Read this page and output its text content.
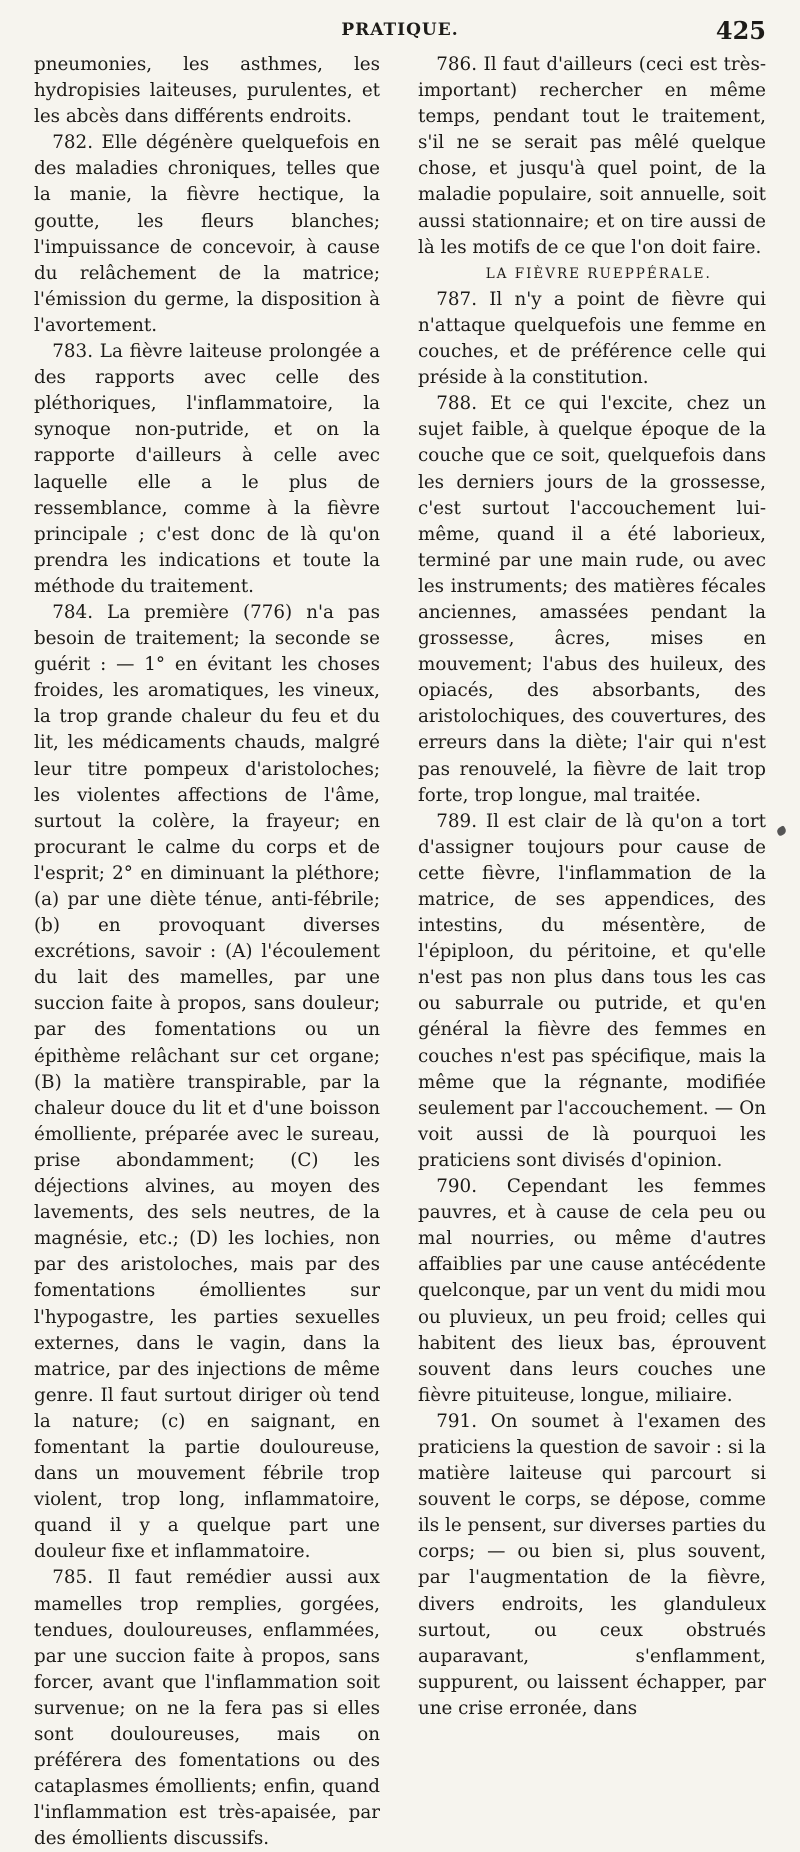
PRATIQUE.	425

pneumonies, les asthmes, les hydropisies laiteuses, purulentes, et les abcès dans différents endroits.

782. Elle dégénère quelquefois en des maladies chroniques, telles que la manie, la fièvre hectique, la goutte, les fleurs blanches; l'impuissance de concevoir, à cause du relâchement de la matrice; l'émission du germe, la disposition à l'avortement.

783. La fièvre laiteuse prolongée a des rapports avec celle des pléthoriques, l'inflammatoire, la synoque non-putride, et on la rapporte d'ailleurs à celle avec laquelle elle a le plus de ressemblance, comme à la fièvre principale ; c'est donc de là qu'on prendra les indications et toute la méthode du traitement.

784. La première (776) n'a pas besoin de traitement; la seconde se guérit : — 1° en évitant les choses froides, les aromatiques, les vineux, la trop grande chaleur du feu et du lit, les médicaments chauds, malgré leur titre pompeux d'aristoloches; les violentes affections de l'âme, surtout la colère, la frayeur; en procurant le calme du corps et de l'esprit; 2° en diminuant la pléthore; (a) par une diète ténue, anti-fébrile; (b) en provoquant diverses excrétions, savoir : (A) l'écoulement du lait des mamelles, par une succion faite à propos, sans douleur; par des fomentations ou un épithème relâchant sur cet organe; (B) la matière transpirable, par la chaleur douce du lit et d'une boisson émolliente, préparée avec le sureau, prise abondamment; (C) les déjections alvines, au moyen des lavements, des sels neutres, de la magnésie, etc.; (D) les lochies, non par des aristoloches, mais par des fomentations émollientes sur l'hypogastre, les parties sexuelles externes, dans le vagin, dans la matrice, par des injections de même genre. Il faut surtout diriger où tend la nature; (c) en saignant, en fomentant la partie douloureuse, dans un mouvement fébrile trop violent, trop long, inflammatoire, quand il y a quelque part une douleur fixe et inflammatoire.

785. Il faut remédier aussi aux mamelles trop remplies, gorgées, tendues, douloureuses, enflammées, par une succion faite à propos, sans forcer, avant que l'inflammation soit survenue; on ne la fera pas si elles sont douloureuses, mais on préférera des fomentations ou des cataplasmes émollients; enfin, quand l'inflammation est très-apaisée, par des émollients discussifs.

786. Il faut d'ailleurs (ceci est très-important) rechercher en même temps, pendant tout le traitement, s'il ne se serait pas mêlé quelque chose, et jusqu'à quel point, de la maladie populaire, soit annuelle, soit aussi stationnaire; et on tire aussi de là les motifs de ce que l'on doit faire.

LA FIÈVRE RUEPPÉRALE.

787. Il n'y a point de fièvre qui n'attaque quelquefois une femme en couches, et de préférence celle qui préside à la constitution.

788. Et ce qui l'excite, chez un sujet faible, à quelque époque de la couche que ce soit, quelquefois dans les derniers jours de la grossesse, c'est surtout l'accouchement lui-même, quand il a été laborieux, terminé par une main rude, ou avec les instruments; des matières fécales anciennes, amassées pendant la grossesse, âcres, mises en mouvement; l'abus des huileux, des opiacés, des absorbants, des aristolochiques, des couvertures, des erreurs dans la diète; l'air qui n'est pas renouvelé, la fièvre de lait trop forte, trop longue, mal traitée.

789. Il est clair de là qu'on a tort d'assigner toujours pour cause de cette fièvre, l'inflammation de la matrice, de ses appendices, des intestins, du mésentère, de l'épiploon, du péritoine, et qu'elle n'est pas non plus dans tous les cas ou saburrale ou putride, et qu'en général la fièvre des femmes en couches n'est pas spécifique, mais la même que la régnante, modifiée seulement par l'accouchement. — On voit aussi de là pourquoi les praticiens sont divisés d'opinion.

790. Cependant les femmes pauvres, et à cause de cela peu ou mal nourries, ou même d'autres affaiblies par une cause antécédente quelconque, par un vent du midi mou ou pluvieux, un peu froid; celles qui habitent des lieux bas, éprouvent souvent dans leurs couches une fièvre pituiteuse, longue, miliaire.

791. On soumet à l'examen des praticiens la question de savoir : si la matière laiteuse qui parcourt si souvent le corps, se dépose, comme ils le pensent, sur diverses parties du corps; — ou bien si, plus souvent, par l'augmentation de la fièvre, divers endroits, les glanduleux surtout, ou ceux obstrués auparavant, s'enflamment, suppurent, ou laissent échapper, par une crise erronée, dans
